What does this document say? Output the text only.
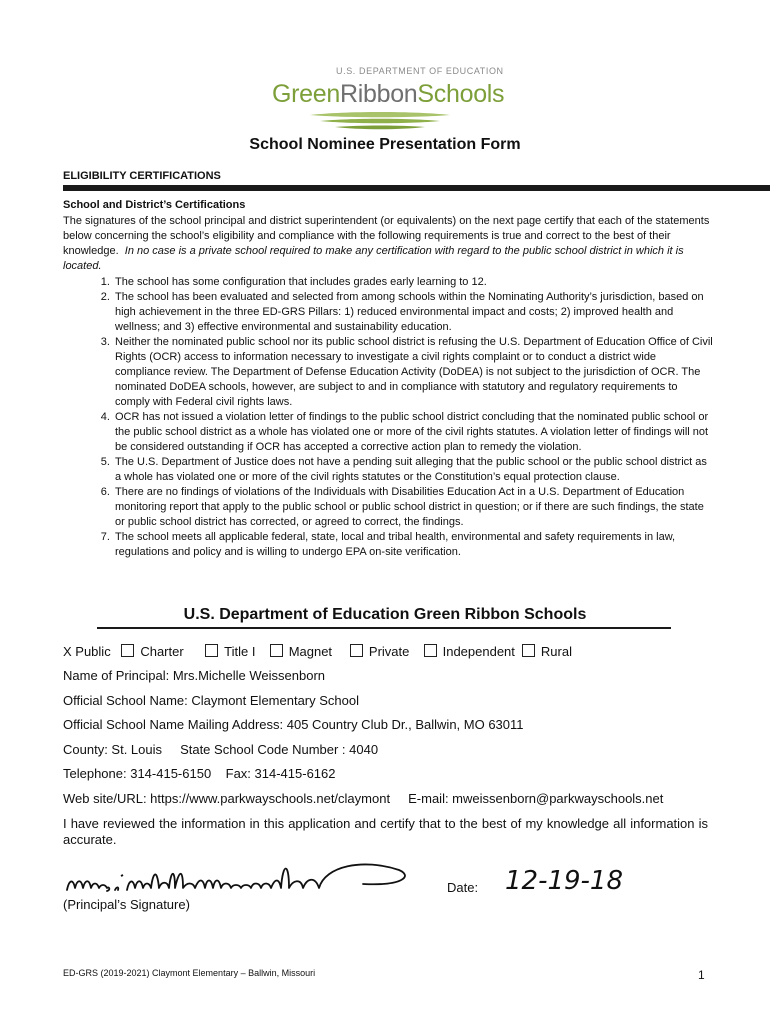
U.S. DEPARTMENT OF EDUCATION
GreenRibbonSchools
School Nominee Presentation Form
ELIGIBILITY CERTIFICATIONS
School and District’s Certifications
The signatures of the school principal and district superintendent (or equivalents) on the next page certify that each of the statements below concerning the school’s eligibility and compliance with the following requirements is true and correct to the best of their knowledge. In no case is a private school required to make any certification with regard to the public school district in which it is located.
1. The school has some configuration that includes grades early learning to 12.
2. The school has been evaluated and selected from among schools within the Nominating Authority’s jurisdiction, based on high achievement in the three ED-GRS Pillars: 1) reduced environmental impact and costs; 2) improved health and wellness; and 3) effective environmental and sustainability education.
3. Neither the nominated public school nor its public school district is refusing the U.S. Department of Education Office of Civil Rights (OCR) access to information necessary to investigate a civil rights complaint or to conduct a district wide compliance review. The Department of Defense Education Activity (DoDEA) is not subject to the jurisdiction of OCR. The nominated DoDEA schools, however, are subject to and in compliance with statutory and regulatory requirements to comply with Federal civil rights laws.
4. OCR has not issued a violation letter of findings to the public school district concluding that the nominated public school or the public school district as a whole has violated one or more of the civil rights statutes. A violation letter of findings will not be considered outstanding if OCR has accepted a corrective action plan to remedy the violation.
5. The U.S. Department of Justice does not have a pending suit alleging that the public school or the public school district as a whole has violated one or more of the civil rights statutes or the Constitution’s equal protection clause.
6. There are no findings of violations of the Individuals with Disabilities Education Act in a U.S. Department of Education monitoring report that apply to the public school or public school district in question; or if there are such findings, the state or public school district has corrected, or agreed to correct, the findings.
7. The school meets all applicable federal, state, local and tribal health, environmental and safety requirements in law, regulations and policy and is willing to undergo EPA on-site verification.
U.S. Department of Education Green Ribbon Schools
X Public Charter	Title I	Magnet	Private	Independent Rural
Name of Principal: Mrs.Michelle Weissenborn
Official School Name: Claymont Elementary School
Official School Name Mailing Address: 405 Country Club Dr., Ballwin, MO 63011
County: St. Louis State School Code Number : 4040
Telephone: 314-415-6150 Fax: 314-415-6162
Web site/URL: https://www.parkwayschools.net/claymont E-mail: mweissenborn@parkwayschools.net
I have reviewed the information in this application and certify that to the best of my knowledge all information is accurate.
(Principal’s Signature)
Date: 12-19-18
ED-GRS (2019-2021) Claymont Elementary – Ballwin, Missouri	1
